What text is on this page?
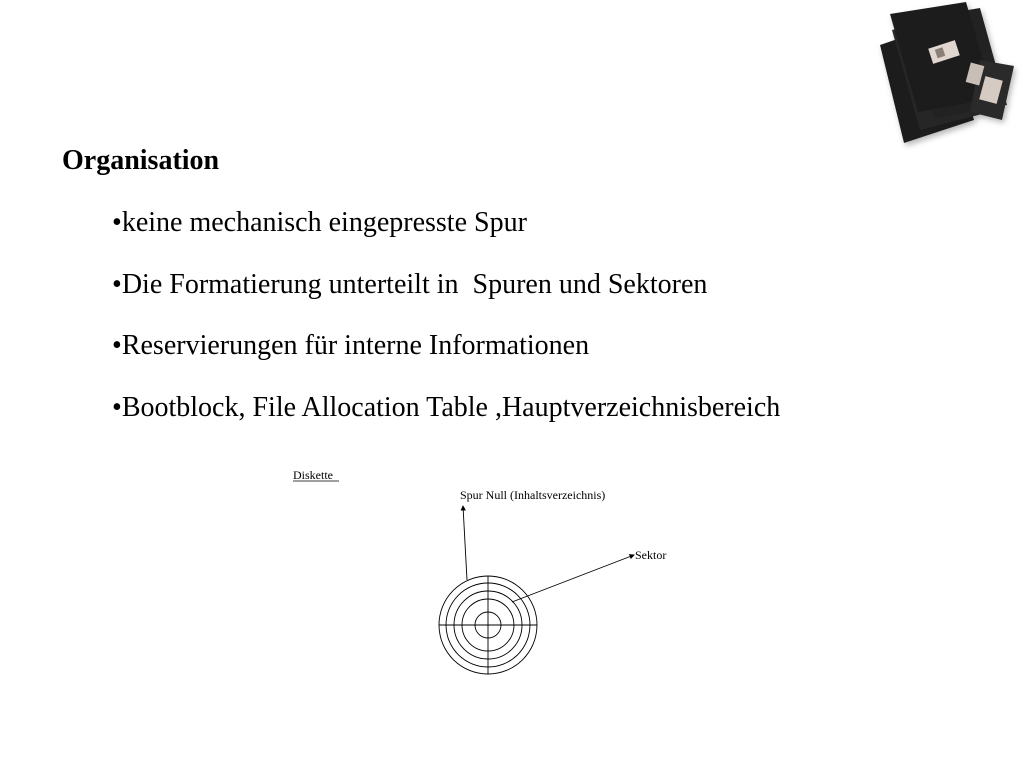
Organisation
•keine mechanisch eingepresste Spur
•Die Formatierung unterteilt in  Spuren und Sektoren
•Reservierungen für interne Informationen
•Bootblock, File Allocation Table ,Hauptverzeichnisbereich
Diskette
Spur Null (Inhaltsverzeichnis)
Sektor
